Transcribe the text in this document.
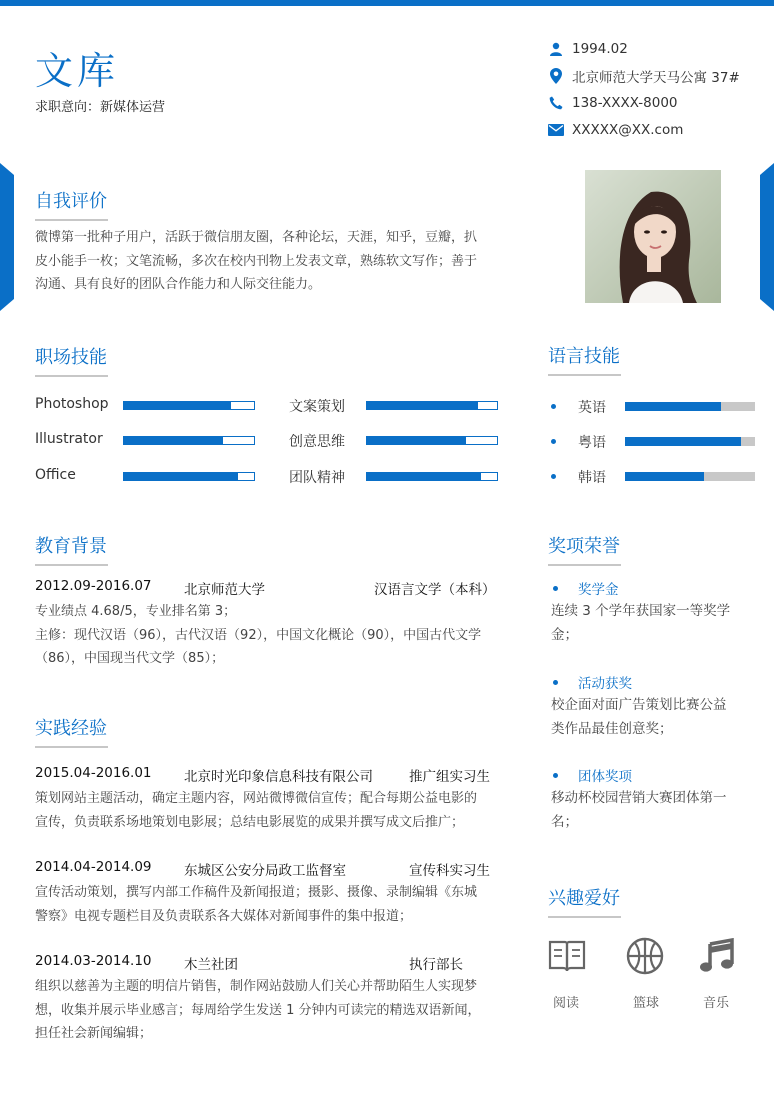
文库
求职意向：新媒体运营
1994.02
北京师范大学天马公寓 37#
138-XXXX-8000
XXXXX@XX.com
自我评价
微博第一批种子用户，活跃于微信朋友圈，各种论坛，天涯，知乎，豆瓣，扒
皮小能手一枚；文笔流畅，多次在校内刊物上发表文章，熟练软文写作；善于
沟通、具有良好的团队合作能力和人际交往能力。
职场技能
Photoshop	文案策划
Illustrator	创意思维
Office	团队精神
语言技能
英语
粤语
韩语
教育背景
2012.09-2016.07 北京师范大学	汉语言文学（本科）
专业绩点 4.68/5，专业排名第 3；
主修：现代汉语（96），古代汉语（92），中国文化概论（90），中国古代文学
（86），中国现当代文学（85）；
实践经验
2015.04-2016.01 北京时光印象信息科技有限公司	推广组实习生
策划网站主题活动，确定主题内容，网站微博微信宣传；配合每期公益电影的
宣传，负责联系场地策划电影展；总结电影展览的成果并撰写成文后推广；
2014.04-2014.09 东城区公安分局政工监督室	宣传科实习生
宣传活动策划，撰写内部工作稿件及新闻报道；摄影、摄像、录制编辑《东城
警察》电视专题栏目及负责联系各大媒体对新闻事件的集中报道；
2014.03-2014.10 木兰社团	执行部长
组织以慈善为主题的明信片销售，制作网站鼓励人们关心并帮助陌生人实现梦
想，收集并展示毕业感言；每周给学生发送 1 分钟内可读完的精选双语新闻，
担任社会新闻编辑；
奖项荣誉
奖学金
连续 3 个学年获国家一等奖学
金；
活动获奖
校企面对面广告策划比赛公益
类作品最佳创意奖；
团体奖项
移动杯校园营销大赛团体第一
名；
兴趣爱好
阅读	篮球	音乐
